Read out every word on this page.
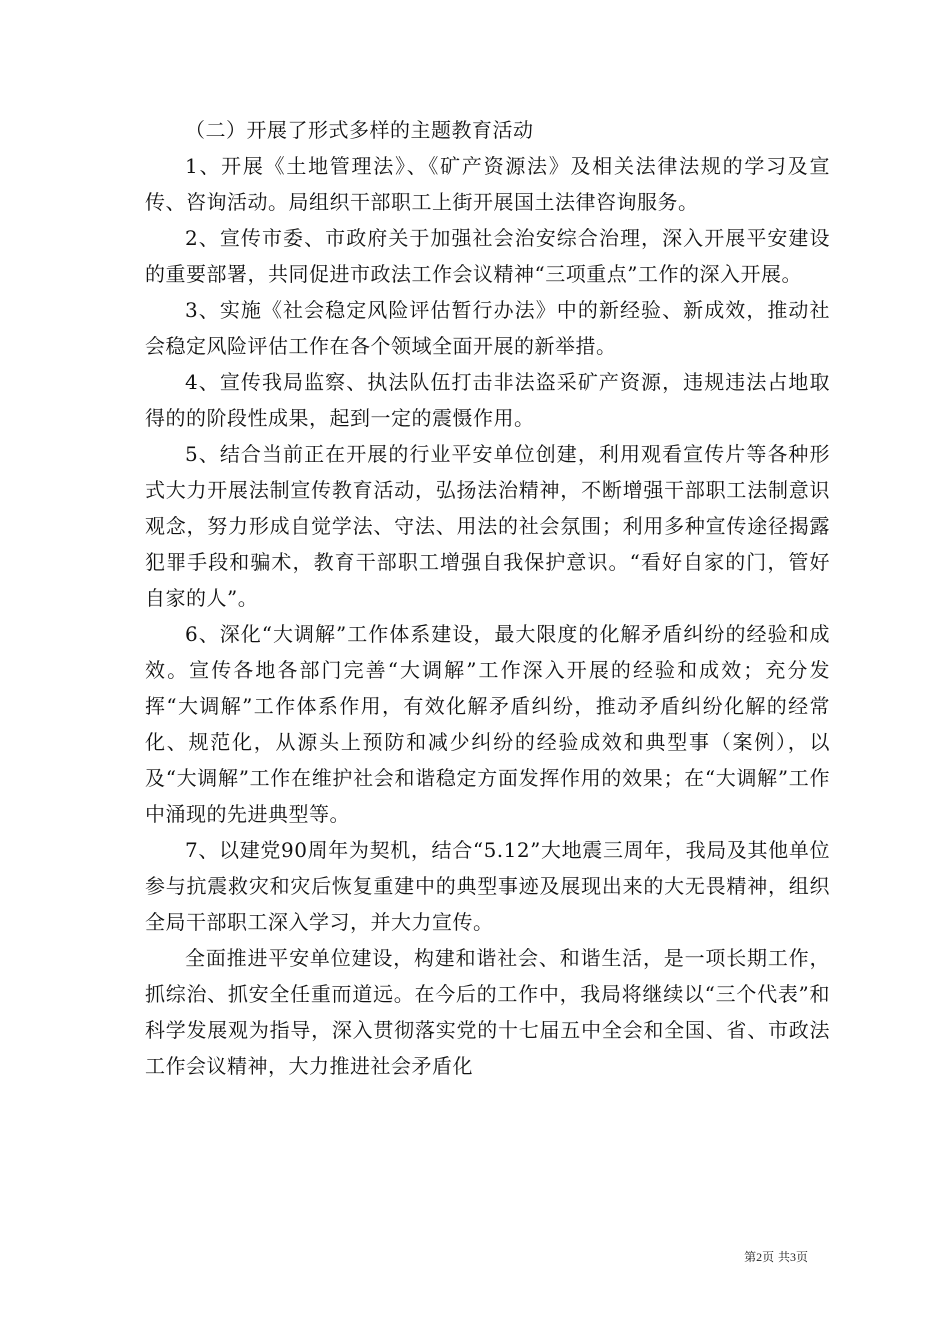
（二）开展了形式多样的主题教育活动

1、开展《土地管理法》、《矿产资源法》及相关法律法规的学习及宣传、咨询活动。局组织干部职工上街开展国土法律咨询服务。

2、宣传市委、市政府关于加强社会治安综合治理，深入开展平安建设的重要部署，共同促进市政法工作会议精神“三项重点”工作的深入开展。

3、实施《社会稳定风险评估暂行办法》中的新经验、新成效，推动社会稳定风险评估工作在各个领域全面开展的新举措。

4、宣传我局监察、执法队伍打击非法盗采矿产资源，违规违法占地取得的的阶段性成果，起到一定的震慑作用。

5、结合当前正在开展的行业平安单位创建，利用观看宣传片等各种形式大力开展法制宣传教育活动，弘扬法治精神，不断增强干部职工法制意识观念，努力形成自觉学法、守法、用法的社会氛围；利用多种宣传途径揭露犯罪手段和骗术，教育干部职工增强自我保护意识。“看好自家的门，管好自家的人”。

6、深化“大调解”工作体系建设，最大限度的化解矛盾纠纷的经验和成效。宣传各地各部门完善“大调解”工作深入开展的经验和成效；充分发挥“大调解”工作体系作用，有效化解矛盾纠纷，推动矛盾纠纷化解的经常化、规范化，从源头上预防和减少纠纷的经验成效和典型事（案例），以及“大调解”工作在维护社会和谐稳定方面发挥作用的效果；在“大调解”工作中涌现的先进典型等。

7、以建党90周年为契机，结合“5.12”大地震三周年，我局及其他单位参与抗震救灾和灾后恢复重建中的典型事迹及展现出来的大无畏精神，组织全局干部职工深入学习，并大力宣传。

全面推进平安单位建设，构建和谐社会、和谐生活，是一项长期工作，抓综治、抓安全任重而道远。在今后的工作中，我局将继续以“三个代表”和科学发展观为指导，深入贯彻落实党的十七届五中全会和全国、省、市政法工作会议精神，大力推进社会矛盾化

第2页 共3页
